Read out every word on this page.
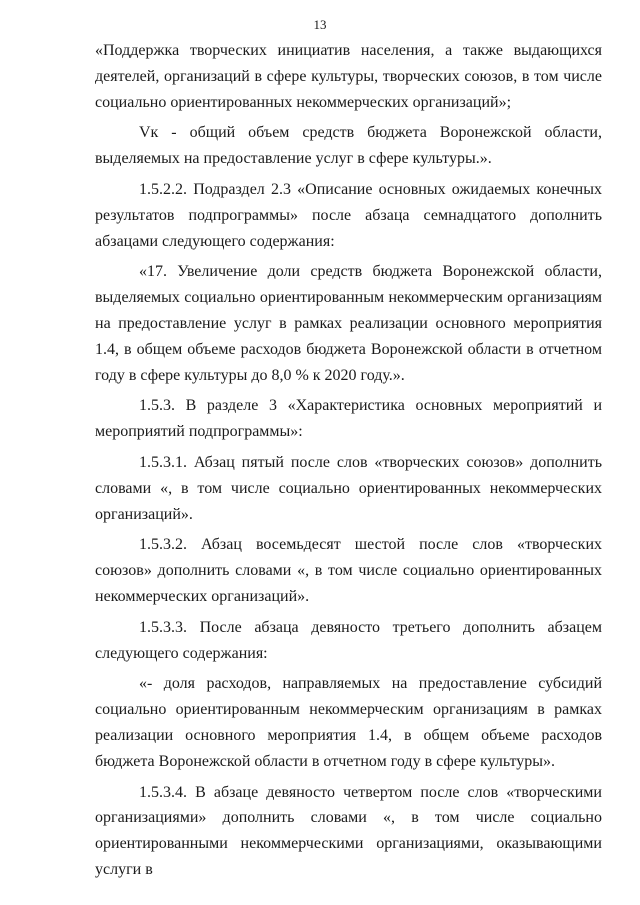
13

«Поддержка творческих инициатив населения, а также выдающихся деятелей, организаций в сфере культуры, творческих союзов, в том числе социально ориентированных некоммерческих организаций»;

Vк - общий объем средств бюджета Воронежской области, выделяемых на предоставление услуг в сфере культуры.».

1.5.2.2. Подраздел 2.3 «Описание основных ожидаемых конечных результатов подпрограммы» после абзаца семнадцатого дополнить абзацами следующего содержания:

«17. Увеличение доли средств бюджета Воронежской области, выделяемых социально ориентированным некоммерческим организациям на предоставление услуг в рамках реализации основного мероприятия 1.4, в общем объеме расходов бюджета Воронежской области в отчетном году в сфере культуры до 8,0 % к 2020 году.».

1.5.3. В разделе 3 «Характеристика основных мероприятий и мероприятий подпрограммы»:

1.5.3.1. Абзац пятый после слов «творческих союзов» дополнить словами «, в том числе социально ориентированных некоммерческих организаций».

1.5.3.2. Абзац восемьдесят шестой после слов «творческих союзов» дополнить словами «, в том числе социально ориентированных некоммерческих организаций».

1.5.3.3. После абзаца девяносто третьего дополнить абзацем следующего содержания:

«- доля расходов, направляемых на предоставление субсидий социально ориентированным некоммерческим организациям в рамках реализации основного мероприятия 1.4, в общем объеме расходов бюджета Воронежской области в отчетном году в сфере культуры».

1.5.3.4. В абзаце девяносто четвертом после слов «творческими организациями» дополнить словами «, в том числе социально ориентированными некоммерческими организациями, оказывающими услуги в
